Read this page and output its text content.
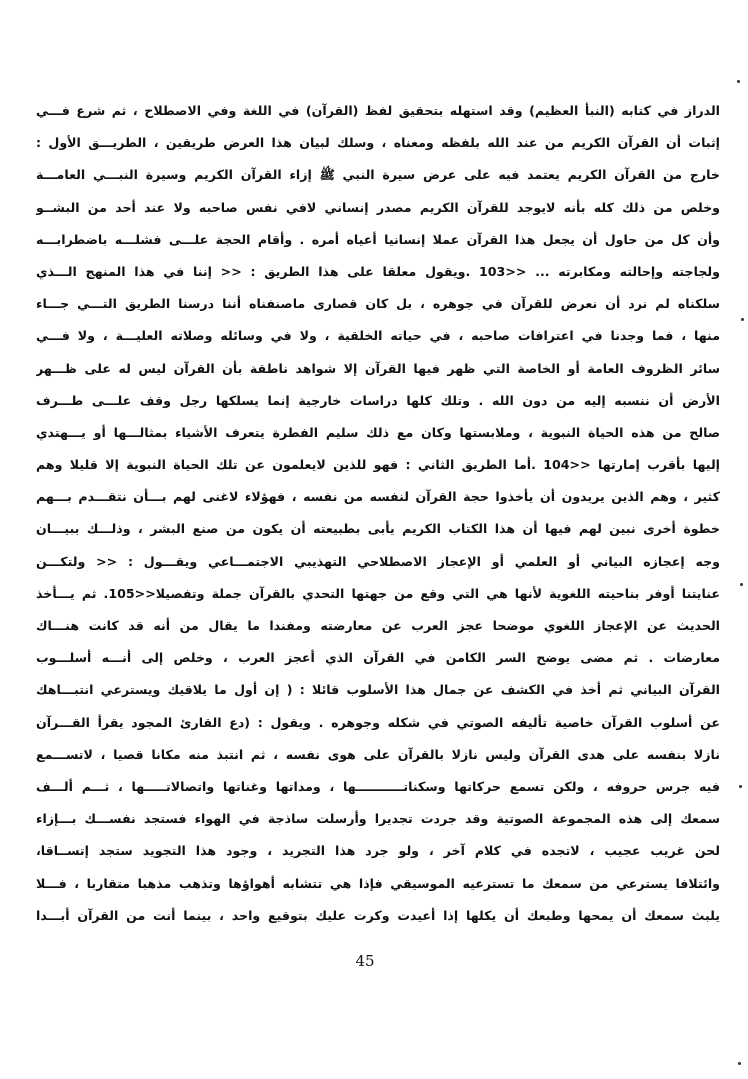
الدراز في كتابه (النبأ العظيم) وقد استهله بتحقيق لفظ (القرآن) في اللغة وفي الاصطلاح ، ثم شرع فـــي
إثبات أن القرآن الكريم من عند الله بلفظه ومعناه ، وسلك لبيان هذا العرض طريقين ، الطريـــق الأول :
خارج من القرآن الكريم يعتمد فيه على عرض سيرة النبي ﷺ إزاء القرآن الكريم وسيرة النبـــي العامـــة
وخلص من ذلك كله بأنه لايوجد للقرآن الكريم مصدر إنساني لافي نفس صاحبه ولا عند أحد من البشــو
وأن كل من حاول أن يجعل هذا القرآن عملا إنسانيا أعياه أمره . وأقام الحجة علـــى فشلـــه باضطرابـــه
ولجاجته وإحالته ومكابرته ... <<103 .ويقول معلقا على هذا الطريق : << إننا في هذا المنهج الـــذي
سلكناه لم نرد أن نعرض للقرآن في جوهره ، بل كان قصارى ماصنفناه أننا درسنا الطريق التـــي جـــاء
منها ، فما وجدنا في اعترافات صاحبه ، في حياته الخلقية ، ولا في وسائله وصلاته العليـــة ، ولا فـــي
سائر الظروف العامة أو الخاصة التي ظهر فيها القرآن إلا شواهد ناطقة بأن القرآن ليس له على ظـــهر
الأرض أن ننسبه إليه من دون الله . وتلك كلها دراسات خارجية إنما يسلكها رجل وقف علـــى طـــرف
صالح من هذه الحياة النبوية ، وملابستها وكان مع ذلك سليم الفطرة يتعرف الأشياء بمثالـــها أو يـــهتدي
إليها بأقرب إمارتها <<104 .أما الطريق الثاني : فهو للذين لايعلمون عن تلك الحياة النبوية إلا قليلا وهم
كثير ، وهم الذين يريدون أن يأخذوا حجة القرآن لنفسه من نفسه ، فهؤلاء لاغنى لهم بـــأن نتقـــدم بـــهم
خطوة أخرى نبين لهم فيها أن هذا الكتاب الكريم يأبى بطبيعته أن يكون من صنع البشر ، وذلـــك ببيـــان
وجه إعجازه البياني أو العلمي أو الإعجاز الاصطلاحي التهذيبي الاجتمـــاعي ويقـــول : << ولتكـــن
عنايتنا أوفر بناحيته اللغوية لأنها هي التي وقع من جهتها التحدي بالقرآن جملة وتفصيلا<<105. ثم يـــأخذ
الحديث عن الإعجاز اللغوي موضحا عجز العرب عن معارضته ومفندا ما يقال من أنه قد كانت هنـــاك
معارضات . ثم مضى يوضح السر الكامن في القرآن الذي أعجز العرب ، وخلص إلى أنـــه أسلـــوب
القرآن البياني ثم أخذ في الكشف عن جمال هذا الأسلوب قائلا : ( إن أول ما يلاقيك ويسترعي انتبـــاهك
عن أسلوب القرآن خاصية تأليفه الصوتي في شكله وجوهره . ويقول : (دع القارئ المجود يقرأ القـــرآن
نازلا بنفسه على هدى القرآن وليس نازلا بالقرآن على هوى نفسه ، ثم انتبذ منه مكانا قصيا ، لاتســـمع
فيه جرس حروفه ، ولكن تسمع حركاتها وسكناتـــــــــــها ، ومداتها وغناتها واتصالاتـــــها ، ثـــم ألـــف
سمعك إلى هذه المجموعة الصوتية وقد جردت تجديرا وأرسلت ساذجة في الهواء فستجد نفســـك بـــإزاء
لحن غريب عجيب ، لاتجده في كلام آخر ، ولو جرد هذا التجريد ، وجود هذا التجويد ستجد إتســاقا،
وائتلافا يسترعي من سمعك ما تسترعيه الموسيقي فإذا هي تتشابه أهواؤها وتذهب مذهبا متقاربا ، فـــلا
يلبث سمعك أن يمحها وطبعك أن يكلها إذا أعيدت وكرت عليك بتوقيع واحد ، بينما أنت من القرآن أبـــدا
45
